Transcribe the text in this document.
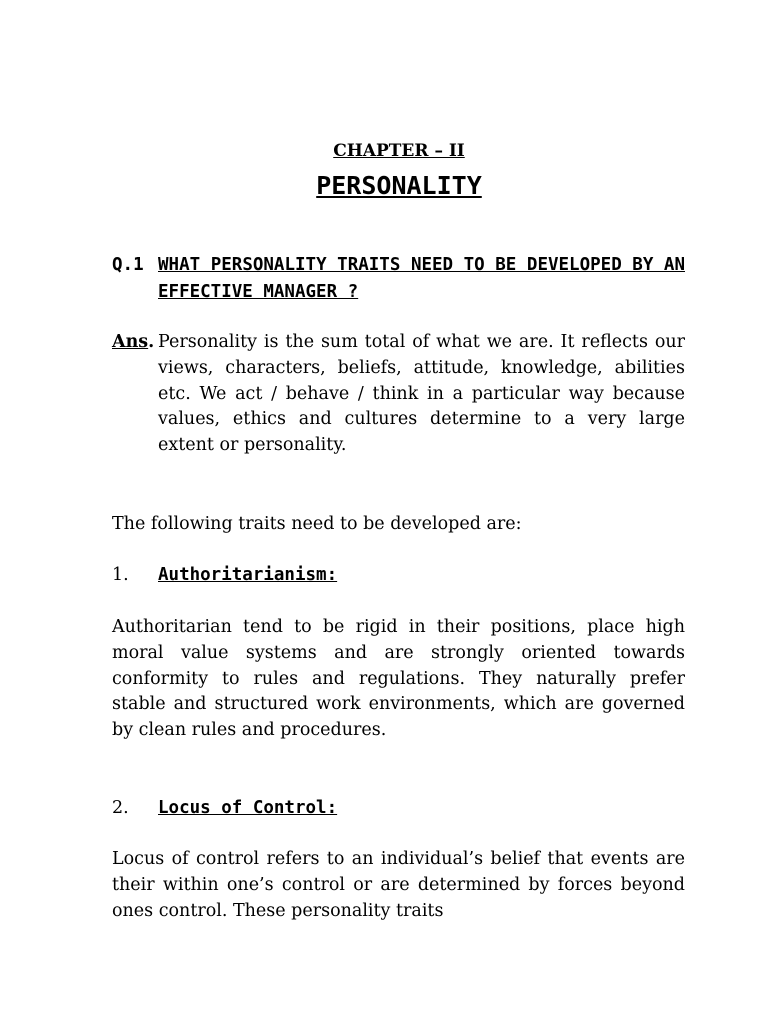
CHAPTER – II
PERSONALITY
Q.1 WHAT PERSONALITY TRAITS NEED TO BE DEVELOPED BY AN EFFECTIVE MANAGER ?
Ans. Personality is the sum total of what we are. It reflects our views, characters, beliefs, attitude, knowledge, abilities etc. We act / behave / think in a particular way because values, ethics and cultures determine to a very large extent or personality.
The following traits need to be developed are:
1. Authoritarianism:
Authoritarian tend to be rigid in their positions, place high moral value systems and are strongly oriented towards conformity to rules and regulations. They naturally prefer stable and structured work environments, which are governed by clean rules and procedures.
2. Locus of Control:
Locus of control refers to an individual’s belief that events are their within one’s control or are determined by forces beyond ones control. These personality traits
